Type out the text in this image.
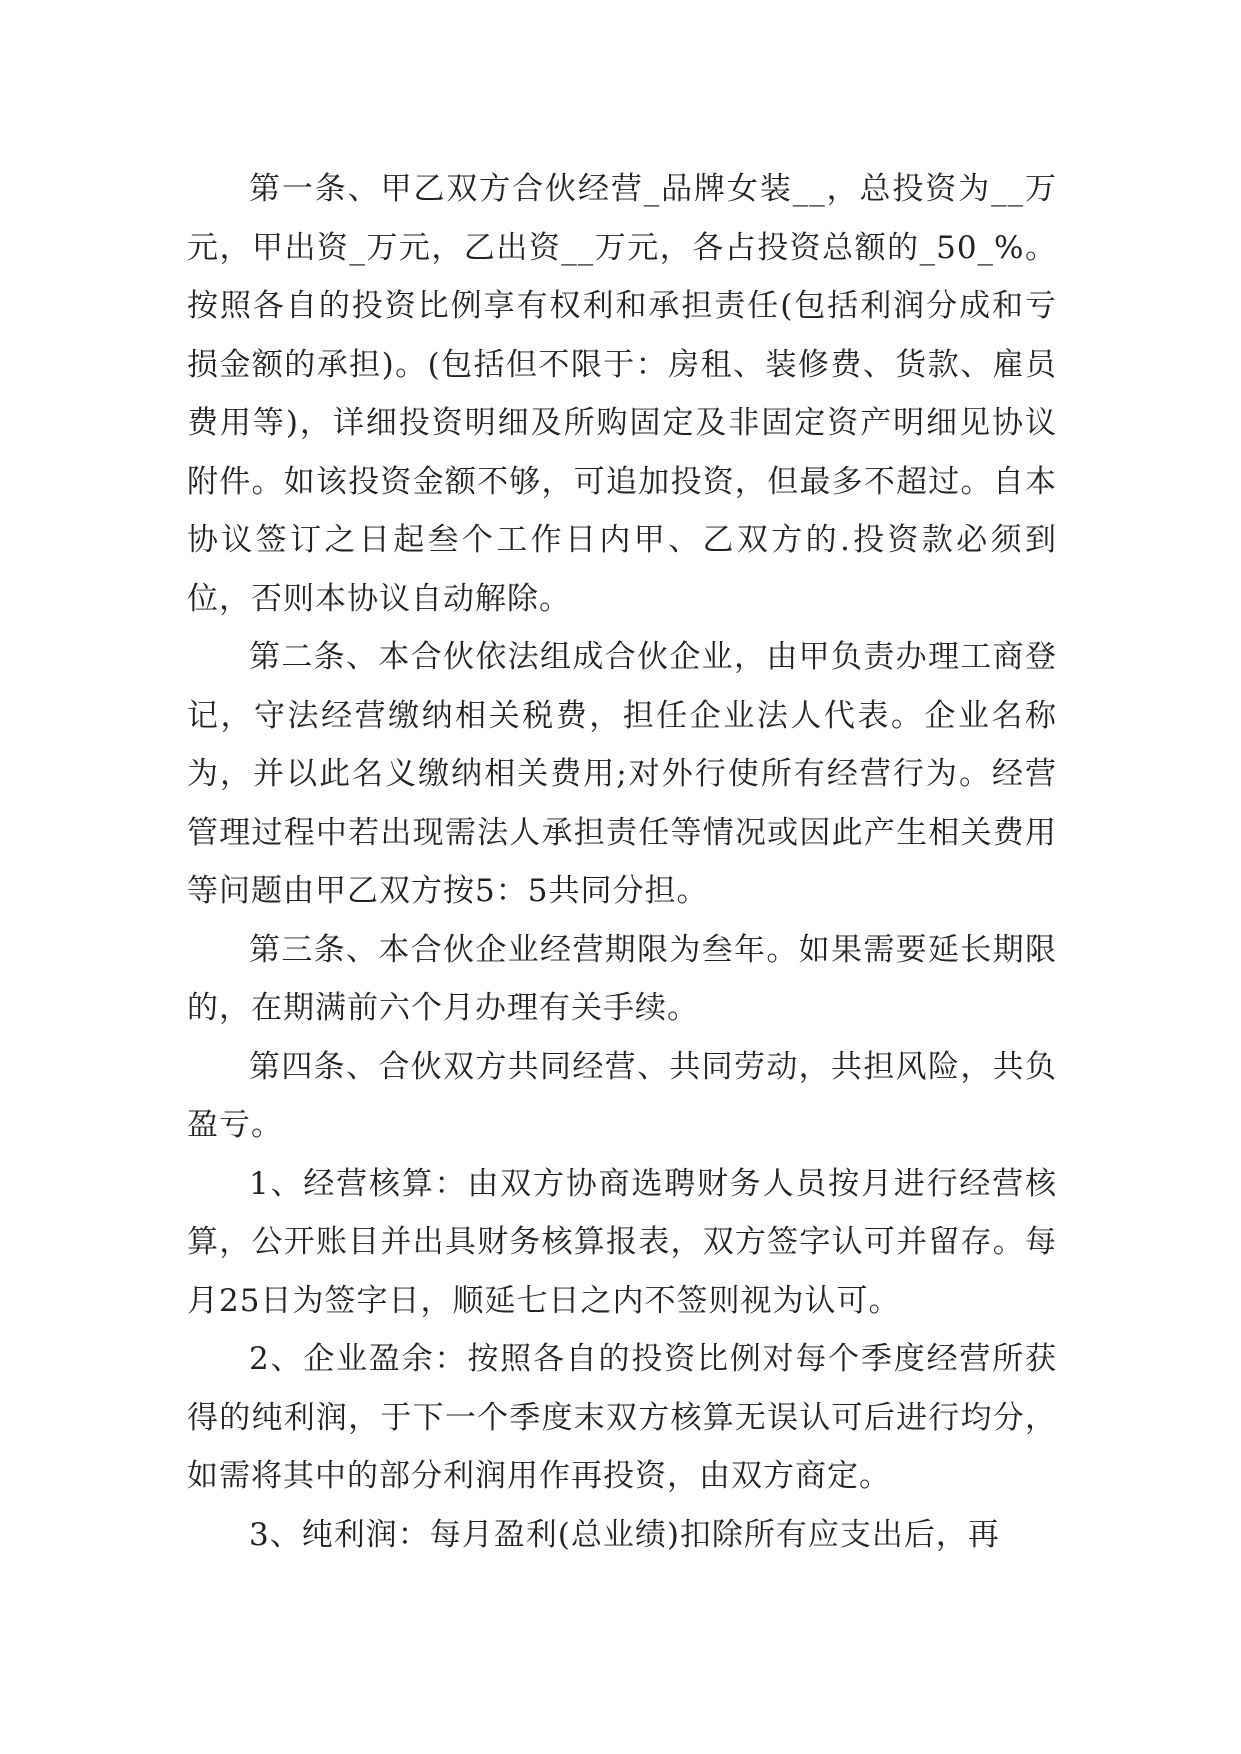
第一条、甲乙双方合伙经营_品牌女装__，总投资为__万元，甲出资_万元，乙出资__万元，各占投资总额的_50_%。按照各自的投资比例享有权利和承担责任(包括利润分成和亏损金额的承担)。(包括但不限于：房租、装修费、货款、雇员费用等)，详细投资明细及所购固定及非固定资产明细见协议附件。如该投资金额不够，可追加投资，但最多不超过。自本协议签订之日起叁个工作日内甲、乙双方的.投资款必须到位，否则本协议自动解除。

第二条、本合伙依法组成合伙企业，由甲负责办理工商登记，守法经营缴纳相关税费，担任企业法人代表。企业名称为，并以此名义缴纳相关费用;对外行使所有经营行为。经营管理过程中若出现需法人承担责任等情况或因此产生相关费用等问题由甲乙双方按5：5共同分担。

第三条、本合伙企业经营期限为叁年。如果需要延长期限的，在期满前六个月办理有关手续。

第四条、合伙双方共同经营、共同劳动，共担风险，共负盈亏。

1、经营核算：由双方协商选聘财务人员按月进行经营核算，公开账目并出具财务核算报表，双方签字认可并留存。每月25日为签字日，顺延七日之内不签则视为认可。

2、企业盈余：按照各自的投资比例对每个季度经营所获得的纯利润，于下一个季度末双方核算无误认可后进行均分，如需将其中的部分利润用作再投资，由双方商定。

3、纯利润：每月盈利(总业绩)扣除所有应支出后，再
